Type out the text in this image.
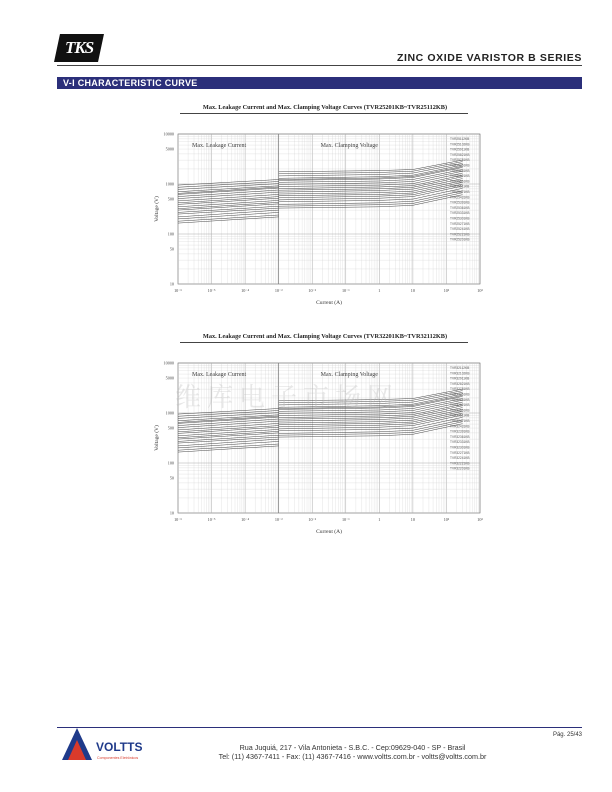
TKS
ZINC OXIDE VARISTOR B SERIES
V-I CHARACTERISTIC CURVE
Max. Leakage Current and Max. Clamping Voltage Curves (TVR25201KB~TVR25112KB)
Max. Leakage Current	Max. Clamping Voltage
10000
5000
1000
500
100
50
10
10⁻⁶	10⁻⁵	10⁻⁴	10⁻³	10⁻²	10⁻¹	1	10	10²	10³
Current (A)
Voltage (V)
TVR25112KB
TVR25102KB
TVR25911KB
TVR25821KB
TVR25781KB
TVR25751KB
TVR25681KB
TVR25621KB
TVR25561KB
TVR25511KB
TVR25471KB
TVR25431KB
TVR25391KB
TVR25361KB
TVR25331KB
TVR25301KB
TVR25271KB
TVR25241KB
TVR25221KB
TVR25201KB
Max. Leakage Current and Max. Clamping Voltage Curves (TVR32201KB~TVR32112KB)
Max. Leakage Current	Max. Clamping Voltage
10000
5000
1000
500
100
50
10
10⁻⁶	10⁻⁵	10⁻⁴	10⁻³	10⁻²	10⁻¹	1	10	10²	10³
Current (A)
Voltage (V)
TVR32112KB
TVR32102KB
TVR32911KB
TVR32821KB
TVR32781KB
TVR32751KB
TVR32681KB
TVR32621KB
TVR32561KB
TVR32511KB
TVR32471KB
TVR32431KB
TVR32391KB
TVR32361KB
TVR32331KB
TVR32301KB
TVR32271KB
TVR32241KB
TVR32221KB
TVR32201KB
维库电子市场网
Pág. 25/43
VOLTTS
Componentes Eletrônicos
Rua Juquiá, 217 - Vila Antonieta - S.B.C. - Cep:09629-040 - SP - Brasil
Tel: (11) 4367-7411 - Fax: (11) 4367-7416 - www.voltts.com.br - voltts@voltts.com.br
